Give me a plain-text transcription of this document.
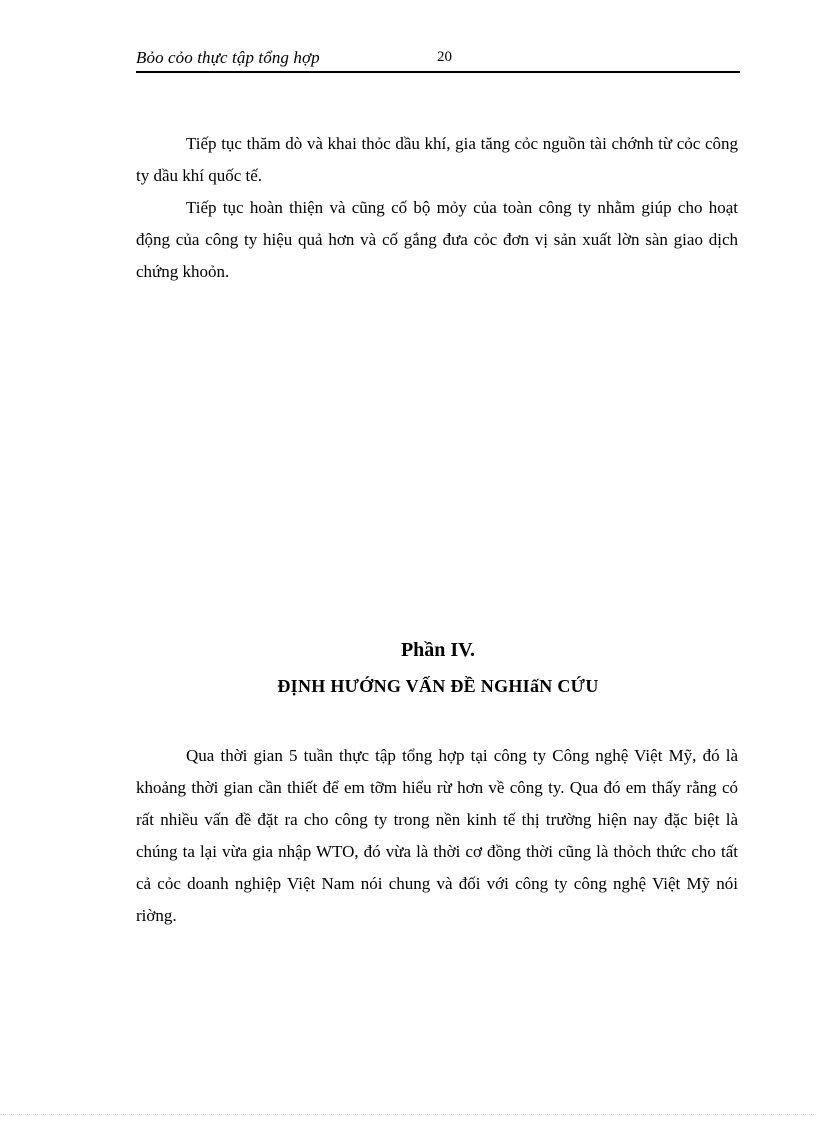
Bỏo cỏo thực tập tổng hợp	20

Tiếp tục thăm dò và khai thỏc dầu khí, gia tăng cỏc nguồn tài chớnh từ cỏc công ty dầu khí quốc tế.

Tiếp tục hoàn thiện và cũng cố bộ mỏy của toàn công ty nhằm giúp cho hoạt động của công ty hiệu quả hơn và cố gắng đưa cỏc đơn vị sản xuất lờn sàn giao dịch chứng khoỏn.

Phần IV.
ĐỊNH HƯỚNG VẤN ĐỀ NGHIấN CỨU

Qua thời gian 5 tuần thực tập tổng hợp tại công ty Công nghệ Việt Mỹ, đó là khoảng thời gian cần thiết để em tỡm hiểu rừ hơn về công ty. Qua đó em thấy rằng có rất nhiều vấn đề đặt ra cho công ty trong nền kinh tế thị trường hiện nay đặc biệt là chúng ta lại vừa gia nhập WTO, đó vừa là thời cơ đồng thời cũng là thỏch thức cho tất cả cỏc doanh nghiệp Việt Nam nói chung và đối với công ty công nghệ Việt Mỹ nói riờng.
